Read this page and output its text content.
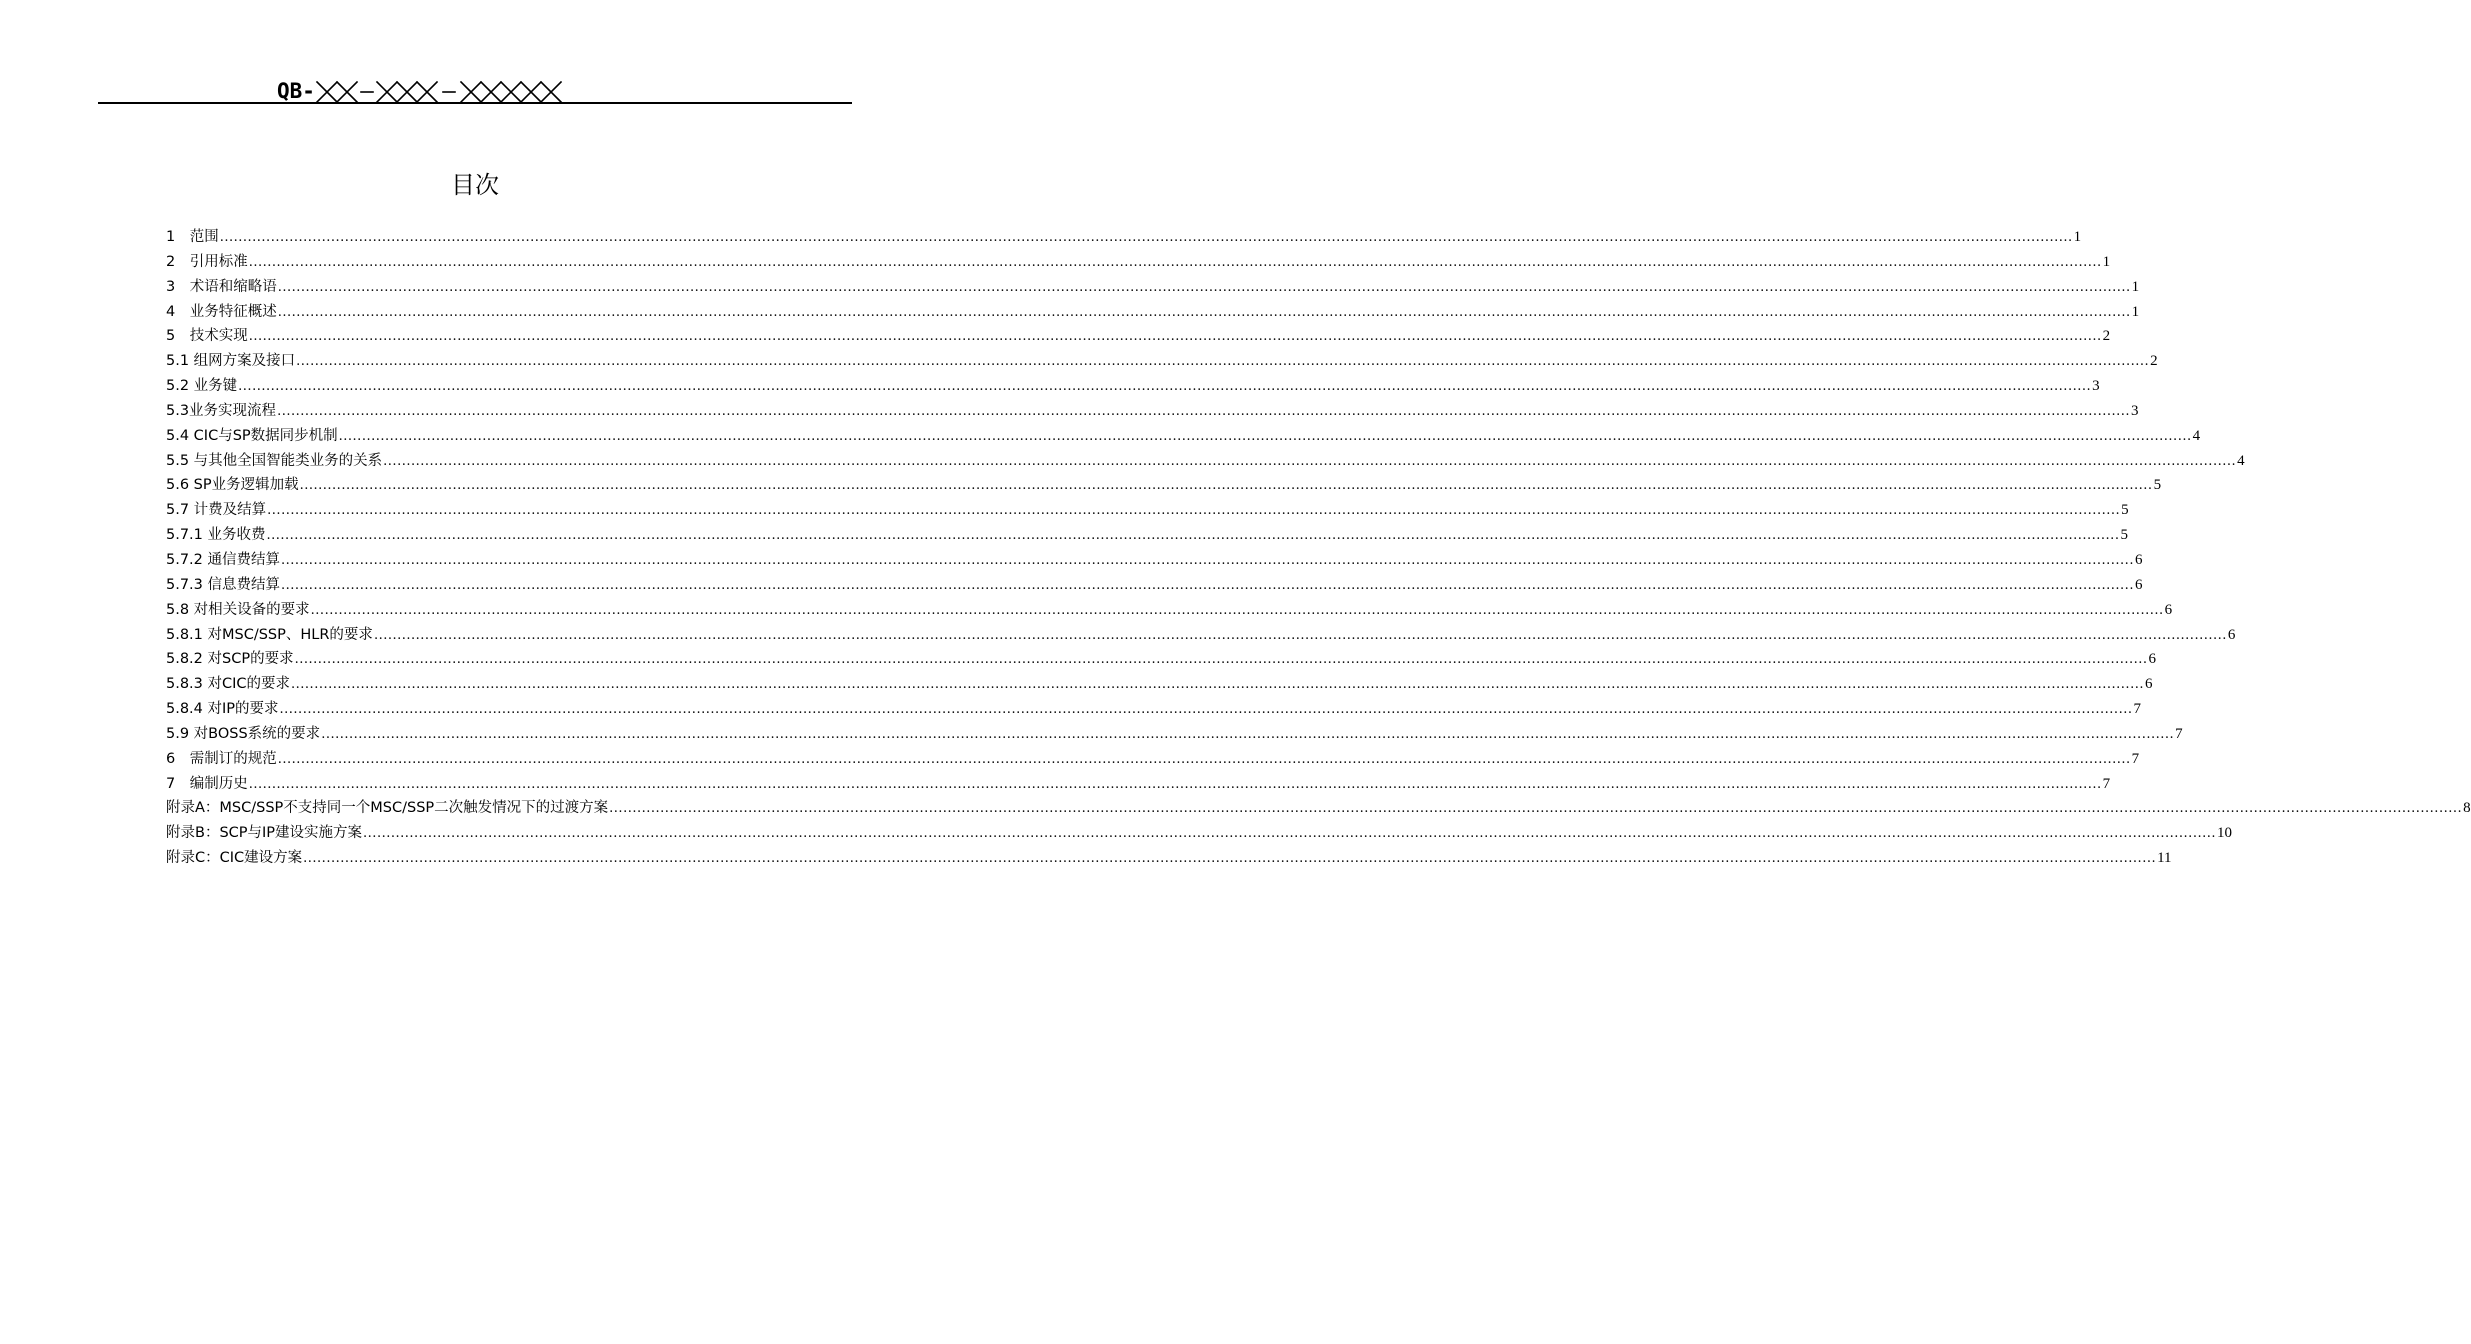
QB-
目次
1　范围 ................................................................................................................................................................................................................................................................................................................................................................................................................ 1
2　引用标准 ................................................................................................................................................................................................................................................................................................................................................................................................................ 1
3　术语和缩略语 ................................................................................................................................................................................................................................................................................................................................................................................................................ 1
4　业务特征概述 ................................................................................................................................................................................................................................................................................................................................................................................................................ 1
5　技术实现 ................................................................................................................................................................................................................................................................................................................................................................................................................ 2
5.1 组网方案及接口 ................................................................................................................................................................................................................................................................................................................................................................................................................ 2
5.2 业务键 ................................................................................................................................................................................................................................................................................................................................................................................................................ 3
5.3业务实现流程 ................................................................................................................................................................................................................................................................................................................................................................................................................ 3
5.4 CIC与SP数据同步机制 ................................................................................................................................................................................................................................................................................................................................................................................................................ 4
5.5 与其他全国智能类业务的关系 ................................................................................................................................................................................................................................................................................................................................................................................................................ 4
5.6 SP业务逻辑加载 ................................................................................................................................................................................................................................................................................................................................................................................................................ 5
5.7 计费及结算 ................................................................................................................................................................................................................................................................................................................................................................................................................ 5
5.7.1 业务收费 ................................................................................................................................................................................................................................................................................................................................................................................................................ 5
5.7.2 通信费结算 ................................................................................................................................................................................................................................................................................................................................................................................................................ 6
5.7.3 信息费结算 ................................................................................................................................................................................................................................................................................................................................................................................................................ 6
5.8 对相关设备的要求 ................................................................................................................................................................................................................................................................................................................................................................................................................ 6
5.8.1 对MSC/SSP、HLR的要求 ................................................................................................................................................................................................................................................................................................................................................................................................................ 6
5.8.2 对SCP的要求 ................................................................................................................................................................................................................................................................................................................................................................................................................ 6
5.8.3 对CIC的要求 ................................................................................................................................................................................................................................................................................................................................................................................................................ 6
5.8.4 对IP的要求 ................................................................................................................................................................................................................................................................................................................................................................................................................ 7
5.9 对BOSS系统的要求 ................................................................................................................................................................................................................................................................................................................................................................................................................ 7
6　需制订的规范 ................................................................................................................................................................................................................................................................................................................................................................................................................ 7
7　编制历史 ................................................................................................................................................................................................................................................................................................................................................................................................................ 7
附录A：MSC/SSP不支持同一个MSC/SSP二次触发情况下的过渡方案 ................................................................................................................................................................................................................................................................................................................................................................................................................ 8
附录B：SCP与IP建设实施方案 ................................................................................................................................................................................................................................................................................................................................................................................................................ 10
附录C：CIC建设方案 ................................................................................................................................................................................................................................................................................................................................................................................................................ 11
